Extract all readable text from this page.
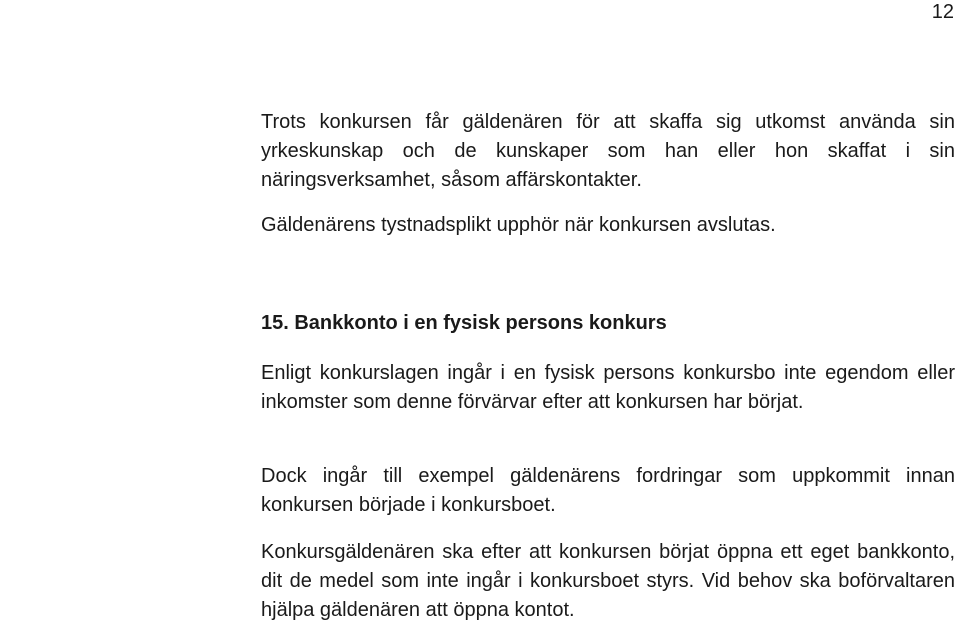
12

Trots konkursen får gäldenären för att skaffa sig utkomst använda sin yrkeskunskap och de kunskaper som han eller hon skaffat i sin näringsverksamhet, såsom affärskontakter.

Gäldenärens tystnadsplikt upphör när konkursen avslutas.

15. Bankkonto i en fysisk persons konkurs

Enligt konkurslagen ingår i en fysisk persons konkursbo inte egendom eller inkomster som denne förvärvar efter att konkursen har börjat.

Dock ingår till exempel gäldenärens fordringar som uppkommit innan konkursen började i konkursboet.

Konkursgäldenären ska efter att konkursen börjat öppna ett eget bankkonto, dit de medel som inte ingår i konkursboet styrs. Vid behov ska boförvaltaren hjälpa gäldenären att öppna kontot.
